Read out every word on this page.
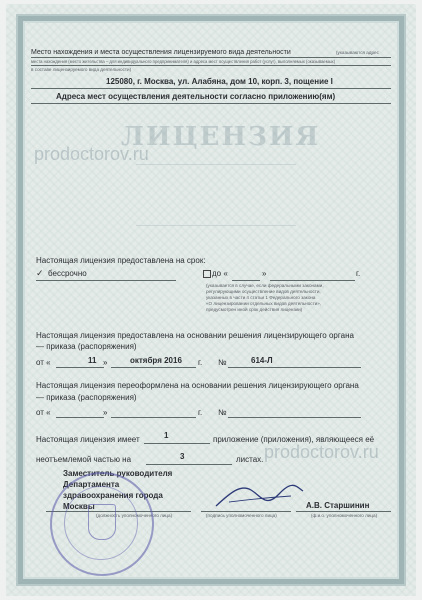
ЛИЦЕНЗИЯ
Место нахождения и места осуществления лицензируемого вида деятельности	(указываются адрес
места нахождения (место жительства – для индивидуального предпринимателя) и адреса мест осуществления работ (услуг), выполняемых (оказываемых)
в составе лицензируемого вида деятельности)
125080, г. Москва, ул. Алабяна, дом 10, корп. 3, пощение I
Адреса мест осуществления деятельности согласно приложению(ям)
prodoctorov.ru
prodoctorov.ru
Настоящая лицензия предоставлена на срок:
✓ бессрочно	до «	»	г.
(указывается в случае, если федеральными законами,
регулирующими осуществление видов деятельности,
указанных в части 4 статьи 1 Федерального закона
«О лицензировании отдельных видов деятельности»,
предусмотрен иной срок действия лицензии)
Настоящая лицензия предоставлена на основании решения лицензирующего органа
— приказа (распоряжения)
от «	11 »	октября 2016 г. №	614-Л
Настоящая лицензия переоформлена на основании решения лицензирующего органа
— приказа (распоряжения)
от «	»	г. №
Настоящая лицензия имеет	1	приложение (приложения), являющееся её
неотъемлемой частью на	3	листах.
Заместитель руководителя
Департамента
здравоохранения города
Москвы	А.В. Старшинин
(должность уполномоченного лица)	(подпись уполномоченного лица)	(ф.и.о. уполномоченного лица)
